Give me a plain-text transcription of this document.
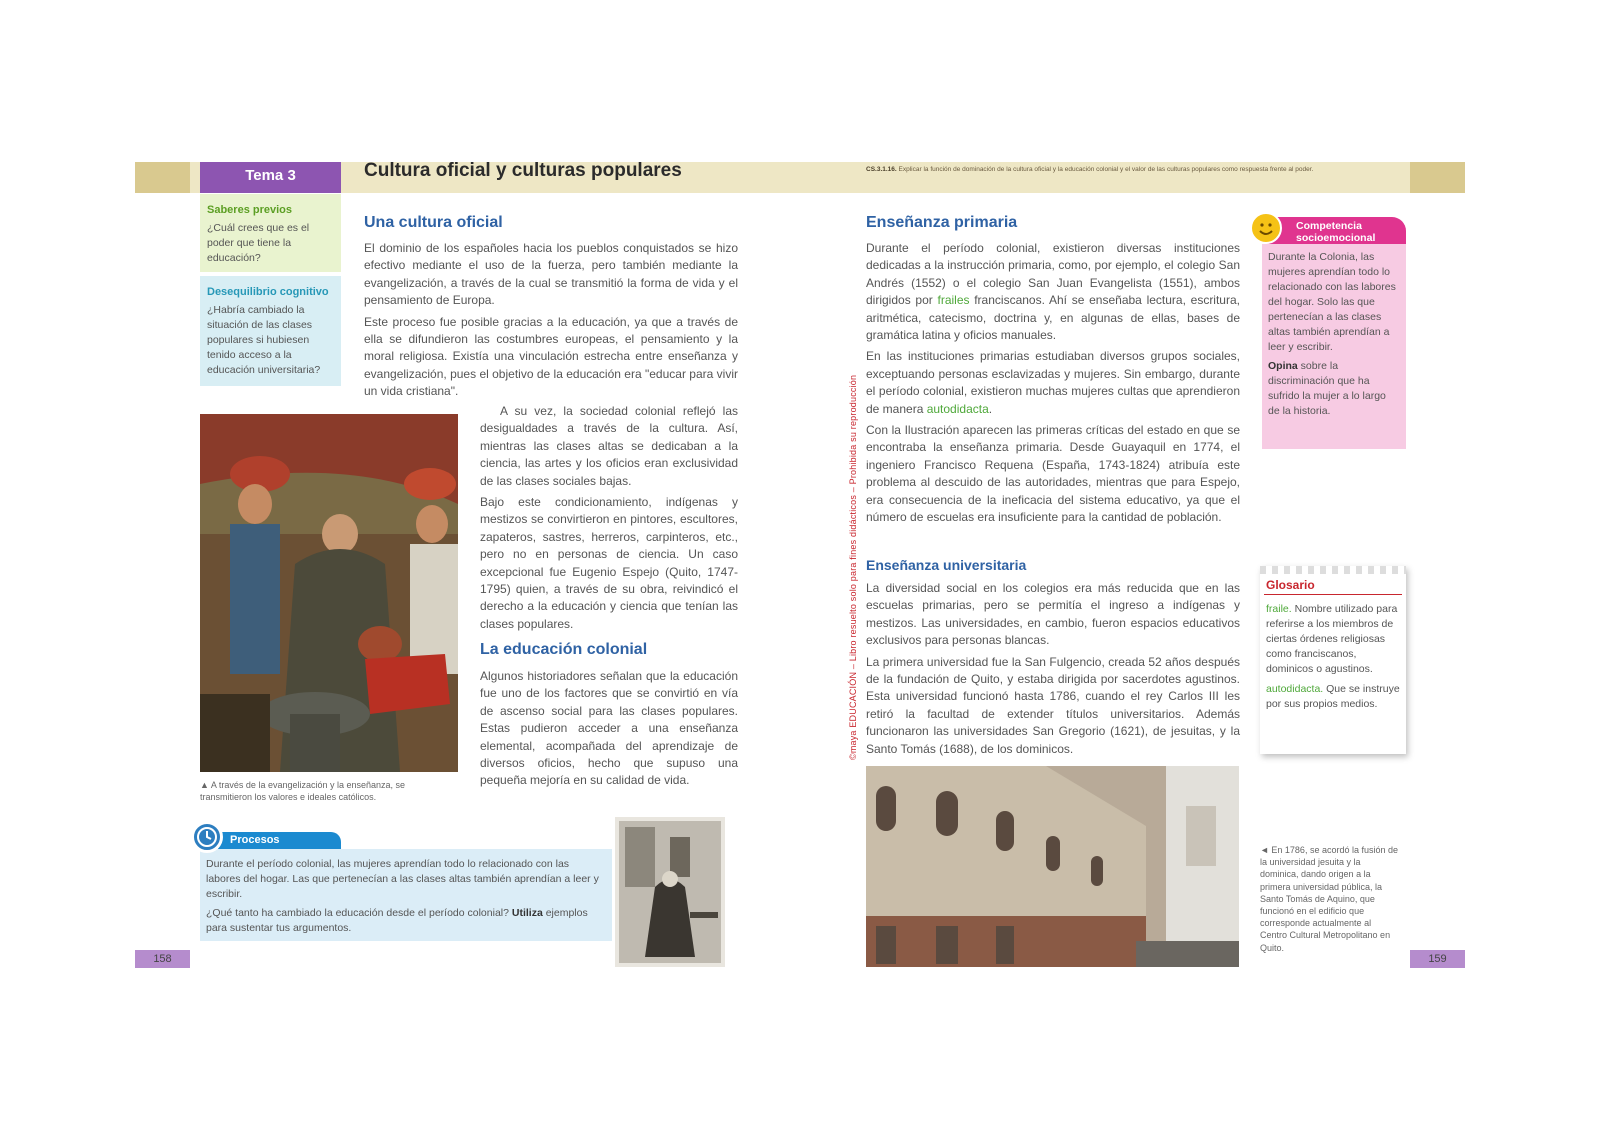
Tema 3	Cultura oficial y culturas populares

Saberes previos

¿Cuál crees que es el poder que tiene la educación?

Desequilibrio cognitivo

¿Habría cambiado la situación de las clases populares si hubiesen tenido acceso a la educación universitaria?

Una cultura oficial

El dominio de los españoles hacia los pueblos conquistados se hizo efectivo mediante el uso de la fuerza, pero también mediante la evangelización, a través de la cual se transmitió la forma de vida y el pensamiento de Europa.

Este proceso fue posible gracias a la educación, ya que a través de ella se difundieron las costumbres europeas, el pensamiento y la moral religiosa. Existía una vinculación estrecha entre enseñanza y evangelización, pues el objetivo de la educación era "educar para vivir un vida cristiana".

A su vez, la sociedad colonial reflejó las desigualdades a través de la cultura. Así, mientras las clases altas se dedicaban a la ciencia, las artes y los oficios eran exclusividad de las clases sociales bajas.

Bajo este condicionamiento, indígenas y mestizos se convirtieron en pintores, escultores, zapateros, sastres, herreros, carpinteros, etc., pero no en personas de ciencia. Un caso excepcional fue Eugenio Espejo (Quito, 1747-1795) quien, a través de su obra, reivindicó el derecho a la educación y ciencia que tenían las clases populares.

La educación colonial

Algunos historiadores señalan que la educación fue uno de los factores que se convirtió en vía de ascenso social para las clases populares. Estas pudieron acceder a una enseñanza elemental, acompañada del aprendizaje de diversos oficios, hecho que supuso una pequeña mejoría en su calidad de vida.

▲ A través de la evangelización y la enseñanza, se transmitieron los valores e ideales católicos.

Durante el período colonial, las mujeres aprendían todo lo relacionado con las labores del hogar. Las que pertenecían a las clases altas también aprendían a leer y escribir.

¿Qué tanto ha cambiado la educación desde el período colonial? Utiliza ejemplos para sustentar tus argumentos.

Procesos
158
CS.3.1.16. Explicar la función de dominación de la cultura oficial y la educación colonial y el valor de las culturas populares como respuesta frente al poder.
©maya EDUCACIÓN – Libro resuelto solo para fines didácticos – Prohibida su reproducción
Enseñanza primaria

Durante el período colonial, existieron diversas instituciones dedicadas a la instrucción primaria, como, por ejemplo, el colegio San Andrés (1552) o el colegio San Juan Evangelista (1551), ambos dirigidos por frailes franciscanos. Ahí se enseñaba lectura, escritura, aritmética, catecismo, doctrina y, en algunas de ellas, bases de gramática latina y oficios manuales.

En las instituciones primarias estudiaban diversos grupos sociales, exceptuando personas esclavizadas y mujeres. Sin embargo, durante el período colonial, existieron muchas mujeres cultas que aprendieron de manera autodidacta.

Con la Ilustración aparecen las primeras críticas del estado en que se encontraba la enseñanza primaria. Desde Guayaquil en 1774, el ingeniero Francisco Requena (España, 1743-1824) atribuía este problema al descuido de las autoridades, mientras que para Espejo, era consecuencia de la ineficacia del sistema educativo, ya que el número de escuelas era insuficiente para la cantidad de población.

Enseñanza universitaria

La diversidad social en los colegios era más reducida que en las escuelas primarias, pero se permitía el ingreso a indígenas y mestizos. Las universidades, en cambio, fueron espacios educativos exclusivos para personas blancas.

La primera universidad fue la San Fulgencio, creada 52 años después de la fundación de Quito, y estaba dirigida por sacerdotes agustinos. Esta universidad funcionó hasta 1786, cuando el rey Carlos III les retiró la facultad de extender títulos universitarios. Además funcionaron las universidades San Gregorio (1621), de jesuitas, y la Santo Tomás (1688), de los dominicos.

Durante la Colonia, las mujeres aprendían todo lo relacionado con las labores del hogar. Solo las que pertenecían a las clases altas también aprendían a leer y escribir.

Opina sobre la discriminación que ha sufrido la mujer a lo largo de la historia.

Competencia socioemocional
Glosario

fraile. Nombre utilizado para referirse a los miembros de ciertas órdenes religiosas como franciscanos, dominicos o agustinos.

autodidacta. Que se instruye por sus propios medios.

◄ En 1786, se acordó la fusión de la universidad jesuita y la dominica, dando origen a la primera universidad pública, la Santo Tomás de Aquino, que funcionó en el edificio que corresponde actualmente al Centro Cultural Metropolitano en Quito.
159
